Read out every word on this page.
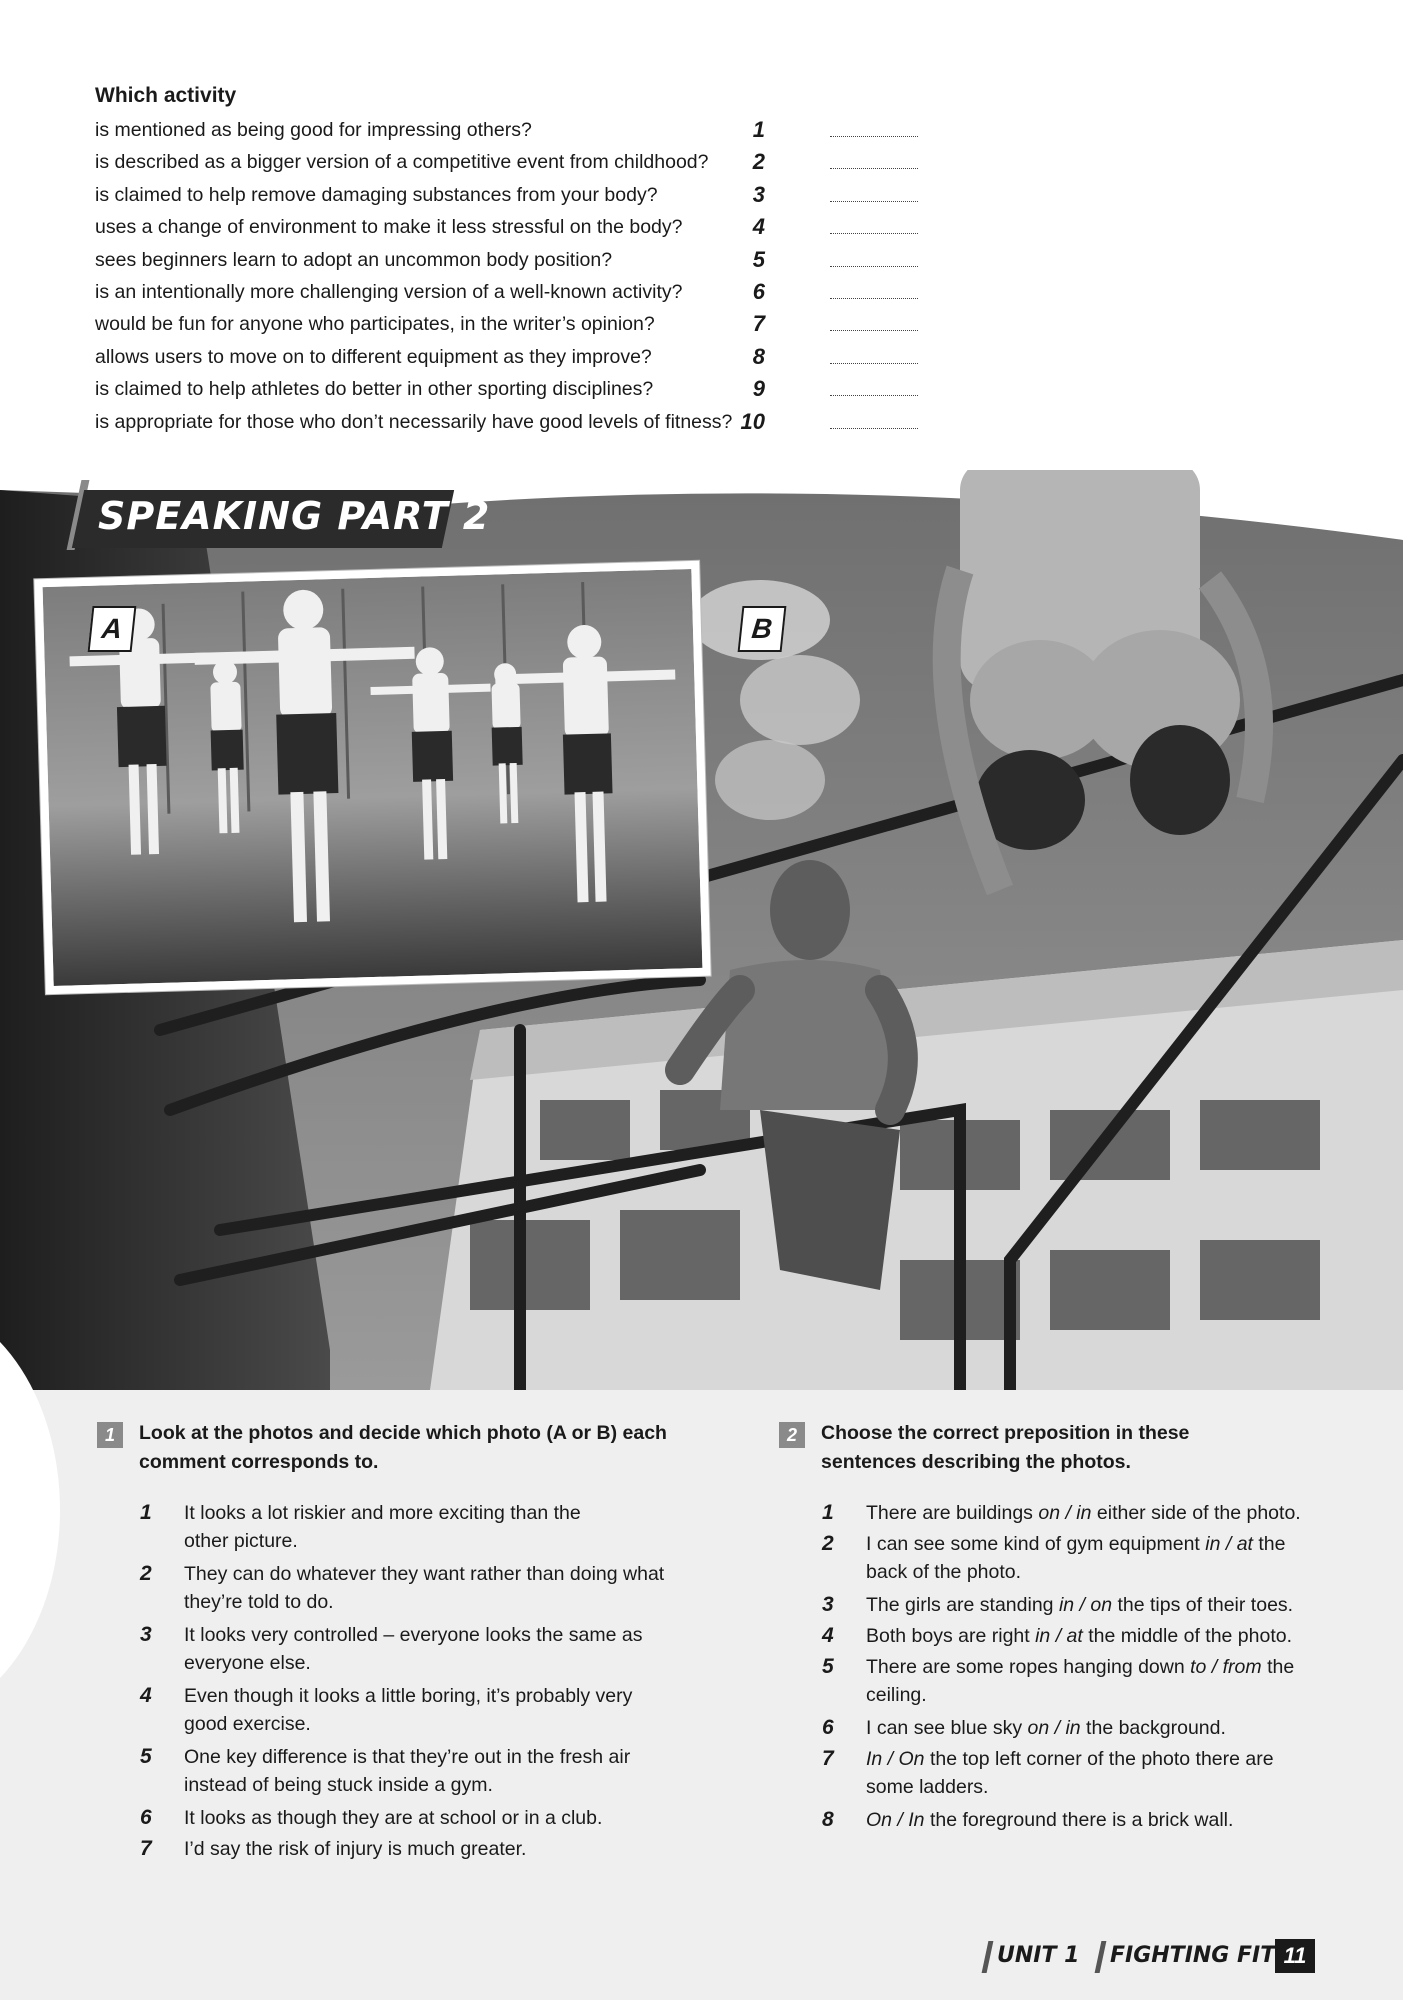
Which activity
is mentioned as being good for impressing others?	1
is described as a bigger version of a competitive event from childhood?	2
is claimed to help remove damaging substances from your body?	3
uses a change of environment to make it less stressful on the body?	4
sees beginners learn to adopt an uncommon body position?	5
is an intentionally more challenging version of a well-known activity?	6
would be fun for anyone who participates, in the writer’s opinion?	7
allows users to move on to different equipment as they improve?	8
is claimed to help athletes do better in other sporting disciplines?	9
is appropriate for those who don’t necessarily have good levels of fitness? 10
SPEAKING PART 2
A	B
1	Look at the photos and decide which photo (A or B) each
comment corresponds to.
1	It looks a lot riskier and more exciting than the
other picture.
2	They can do whatever they want rather than doing what
they’re told to do.
3	It looks very controlled – everyone looks the same as
everyone else.
4	Even though it looks a little boring, it’s probably very
good exercise.
5	One key difference is that they’re out in the fresh air
instead of being stuck inside a gym.
6	It looks as though they are at school or in a club.
7	I’d say the risk of injury is much greater.
2	Choose the correct preposition in these
sentences describing the photos.
1	There are buildings on / in either side of the photo.
2	I can see some kind of gym equipment in / at the
back of the photo.
3	The girls are standing in / on the tips of their toes.
4	Both boys are right in / at the middle of the photo.
5	There are some ropes hanging down to / from the
ceiling.
6	I can see blue sky on / in the background.
7	In / On the top left corner of the photo there are
some ladders.
8	On / In the foreground there is a brick wall.
UNIT 1 FIGHTING FIT 11
